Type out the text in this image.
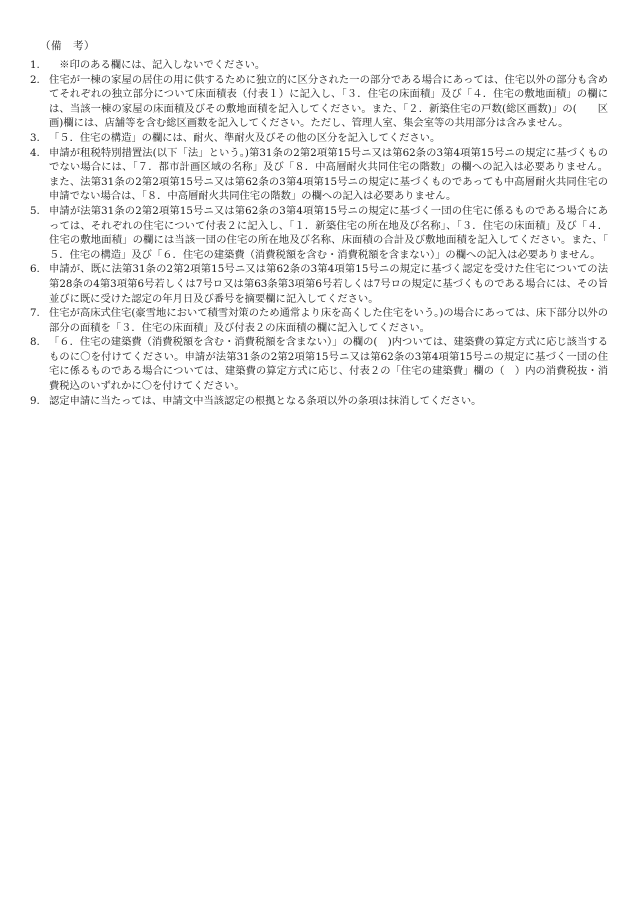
（備　考）
1. 　※印のある欄には、記入しないでください。
2. 住宅が一棟の家屋の居住の用に供するために独立的に区分された一の部分である場合にあっては、住宅以外の部分も含めてそれぞれの独立部分について床面積表（付表１）に記入し、「３．住宅の床面積」及び「４．住宅の敷地面積」の欄には、当該一棟の家屋の床面積及びその敷地面積を記入してください。また、「２．新築住宅の戸数(総区画数)」の(　　区画)欄には、店舗等を含む総区画数を記入してください。ただし、管理人室、集会室等の共用部分は含みません。
3. 「５．住宅の構造」の欄には、耐火、準耐火及びその他の区分を記入してください。
4. 申請が租税特別措置法(以下「法」という。)第31条の2第2項第15号ニ又は第62条の3第4項第15号ニの規定に基づくものでない場合には、「７．都市計画区域の名称」及び「８．中高層耐火共同住宅の階数」の欄への記入は必要ありません。また、法第31条の2第2項第15号ニ又は第62条の3第4項第15号ニの規定に基づくものであっても中高層耐火共同住宅の申請でない場合は、「８．中高層耐火共同住宅の階数」の欄への記入は必要ありません。
5. 申請が法第31条の2第2項第15号ニ又は第62条の3第4項第15号ニの規定に基づく一団の住宅に係るものである場合にあっては、それぞれの住宅について付表２に記入し、「１．新築住宅の所在地及び名称」、「３．住宅の床面積」及び「４．住宅の敷地面積」の欄には当該一団の住宅の所在地及び名称、床面積の合計及び敷地面積を記入してください。また、「５．住宅の構造」及び「６．住宅の建築費（消費税額を含む・消費税額を含まない）」の欄への記入は必要ありません。
6. 申請が、既に法第31条の2第2項第15号ニ又は第62条の3第4項第15号ニの規定に基づく認定を受けた住宅についての法第28条の4第3項第6号若しくは7号ロ又は第63条第3項第6号若しくは7号ロの規定に基づくものである場合には、その旨並びに既に受けた認定の年月日及び番号を摘要欄に記入してください。
7. 住宅が高床式住宅(豪雪地において積雪対策のため通常より床を高くした住宅をいう。)の場合にあっては、床下部分以外の部分の面積を「３．住宅の床面積」及び付表２の床面積の欄に記入してください。
8. 「６．住宅の建築費（消費税額を含む・消費税額を含まない）」の欄の(　)内ついては、建築費の算定方式に応じ該当するものに〇を付けてください。申請が法第31条の2第2項第15号ニ又は第62条の3第4項第15号ニの規定に基づく一団の住宅に係るものである場合については、建築費の算定方式に応じ、付表２の「住宅の建築費」欄の（　）内の消費税抜・消費税込のいずれかに〇を付けてください。
9. 認定申請に当たっては、申請文中当該認定の根拠となる条項以外の条項は抹消してください。
